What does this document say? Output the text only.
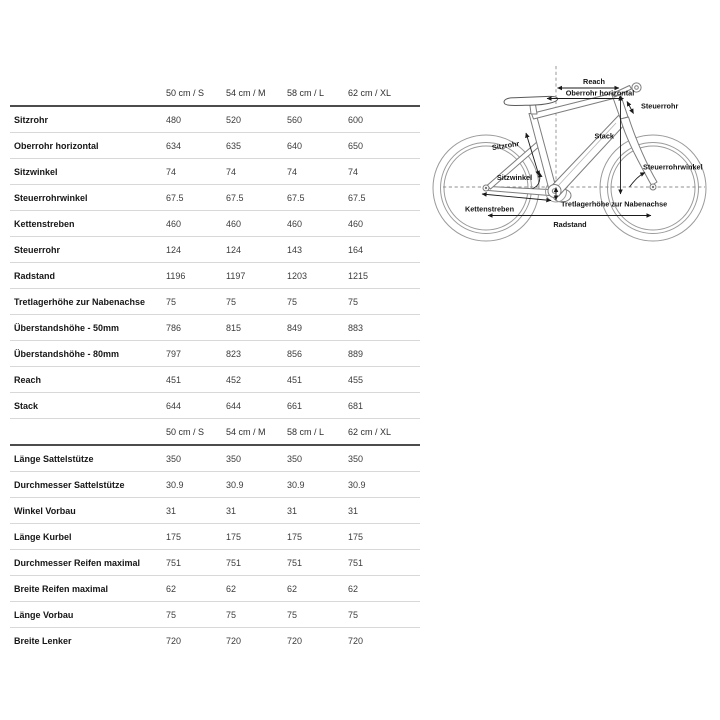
	50 cm / S	54 cm / M	58 cm / L	62 cm / XL
Sitzrohr	480	520	560	600
Oberrohr horizontal	634	635	640	650
Sitzwinkel	74	74	74	74
Steuerrohrwinkel	67.5	67.5	67.5	67.5
Kettenstreben	460	460	460	460
Steuerrohr	124	124	143	164
Radstand	1196	1197	1203	1215
Tretlagerhöhe zur Nabenachse	75	75	75	75
Überstandshöhe - 50mm	786	815	849	883
Überstandshöhe - 80mm	797	823	856	889
Reach	451	452	451	455
Stack	644	644	661	681
	50 cm / S	54 cm / M	58 cm / L	62 cm / XL
Länge Sattelstütze	350	350	350	350
Durchmesser Sattelstütze	30.9	30.9	30.9	30.9
Winkel Vorbau	31	31	31	31
Länge Kurbel	175	175	175	175
Durchmesser Reifen maximal	751	751	751	751
Breite Reifen maximal	62	62	62	62
Länge Vorbau	75	75	75	75
Breite Lenker	720	720	720	720
Reach
Oberrohr horizontal
Steuerrohr
Stack
Sitzrohr
Sitzwinkel
Steuerrohrwinkel
Kettenstreben
Tretlagerhöhe zur Nabenachse
Radstand
